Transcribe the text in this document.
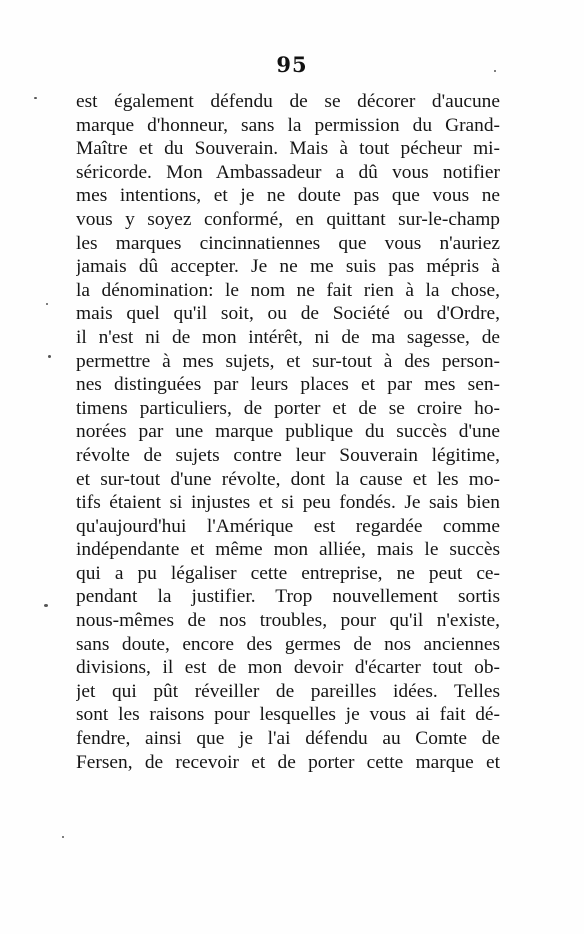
95
est également défendu de se décorer d'aucune
marque d'honneur, sans la permission du Grand-
Maître et du Souverain. Mais à tout pécheur mi-
séricorde. Mon Ambassadeur a dû vous notifier
mes intentions, et je ne doute pas que vous ne
vous y soyez conformé, en quittant sur-le-champ
les marques cincinnatiennes que vous n'auriez
jamais dû accepter. Je ne me suis pas mépris à
la dénomination: le nom ne fait rien à la chose,
mais quel qu'il soit, ou de Société ou d'Ordre,
il n'est ni de mon intérêt, ni de ma sagesse, de
permettre à mes sujets, et sur-tout à des person-
nes distinguées par leurs places et par mes sen-
timens particuliers, de porter et de se croire ho-
norées par une marque publique du succès d'une
révolte de sujets contre leur Souverain légitime,
et sur-tout d'une révolte, dont la cause et les mo-
tifs étaient si injustes et si peu fondés. Je sais bien
qu'aujourd'hui l'Amérique est regardée comme
indépendante et même mon alliée, mais le succès
qui a pu légaliser cette entreprise, ne peut ce-
pendant la justifier. Trop nouvellement sortis
nous-mêmes de nos troubles, pour qu'il n'existe,
sans doute, encore des germes de nos anciennes
divisions, il est de mon devoir d'écarter tout ob-
jet qui pût réveiller de pareilles idées. Telles
sont les raisons pour lesquelles je vous ai fait dé-
fendre, ainsi que je l'ai défendu au Comte de
Fersen, de recevoir et de porter cette marque et
